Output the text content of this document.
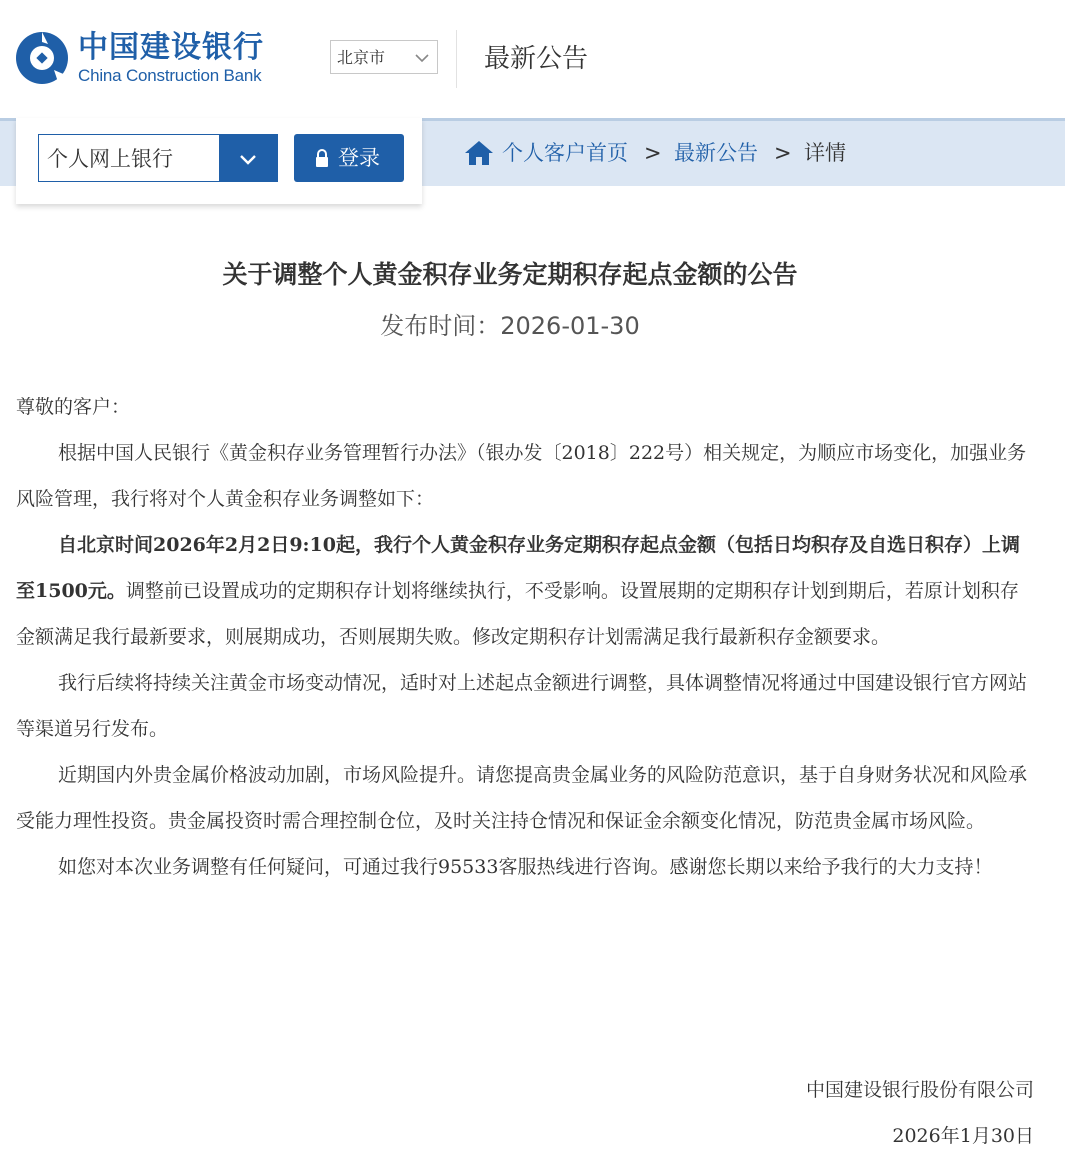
中国建设银行
China Construction Bank
北京市	最新公告
个人网上银行	登录	个人客户首页 > 最新公告 > 详情
关于调整个人黄金积存业务定期积存起点金额的公告
发布时间：2026-01-30

尊敬的客户：

根据中国人民银行《黄金积存业务管理暂行办法》（银办发〔2018〕222号）相关规定，为顺应市场变化，加强业务风险管理，我行将对个人黄金积存业务调整如下：

自北京时间2026年2月2日9:10起，我行个人黄金积存业务定期积存起点金额（包括日均积存及自选日积存）上调至1500元。调整前已设置成功的定期积存计划将继续执行，不受影响。设置展期的定期积存计划到期后，若原计划积存金额满足我行最新要求，则展期成功，否则展期失败。修改定期积存计划需满足我行最新积存金额要求。

我行后续将持续关注黄金市场变动情况，适时对上述起点金额进行调整，具体调整情况将通过中国建设银行官方网站等渠道另行发布。

近期国内外贵金属价格波动加剧，市场风险提升。请您提高贵金属业务的风险防范意识，基于自身财务状况和风险承受能力理性投资。贵金属投资时需合理控制仓位，及时关注持仓情况和保证金余额变化情况，防范贵金属市场风险。

如您对本次业务调整有任何疑问，可通过我行95533客服热线进行咨询。感谢您长期以来给予我行的大力支持！

中国建设银行股份有限公司
2026年1月30日
